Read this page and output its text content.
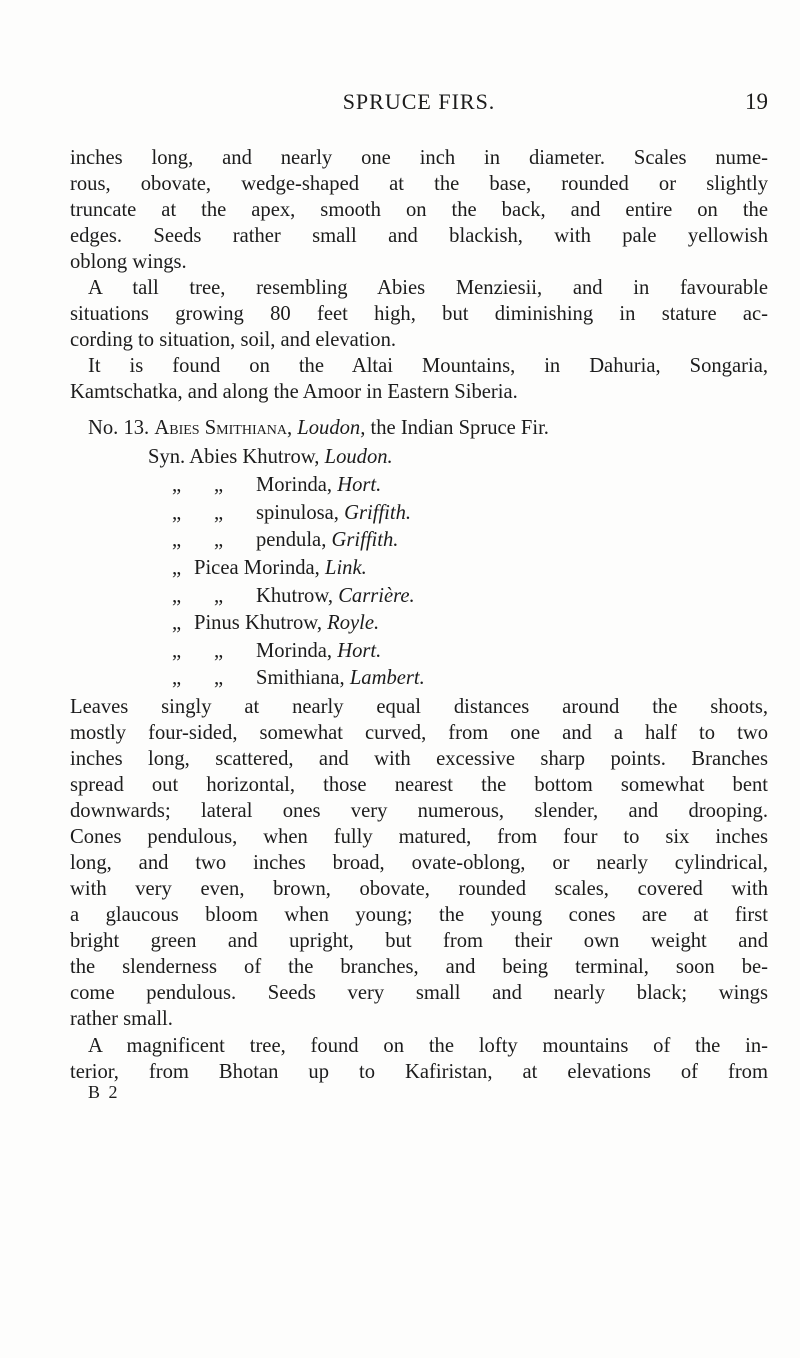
SPRUCE FIRS.	19
inches long, and nearly one inch in diameter. Scales nume-
rous, obovate, wedge-shaped at the base, rounded or slightly
truncate at the apex, smooth on the back, and entire on the
edges. Seeds rather small and blackish, with pale yellowish
oblong wings.
A tall tree, resembling Abies Menziesii, and in favourable
situations growing 80 feet high, but diminishing in stature ac-
cording to situation, soil, and elevation.
It is found on the Altai Mountains, in Dahuria, Songaria,
Kamtschatka, and along the Amoor in Eastern Siberia.
No. 13. Abies Smithiana, Loudon, the Indian Spruce Fir.
Syn. Abies Khutrow, Loudon.
„ „ Morinda, Hort.
„ „ spinulosa, Griffith.
„ „ pendula, Griffith.
„ Picea Morinda, Link.
„ „ Khutrow, Carrière.
„ Pinus Khutrow, Royle.
„ „ Morinda, Hort.
„ „ Smithiana, Lambert.
Leaves singly at nearly equal distances around the shoots,
mostly four-sided, somewhat curved, from one and a half to two
inches long, scattered, and with excessive sharp points. Branches
spread out horizontal, those nearest the bottom somewhat bent
downwards; lateral ones very numerous, slender, and drooping.
Cones pendulous, when fully matured, from four to six inches
long, and two inches broad, ovate-oblong, or nearly cylindrical,
with very even, brown, obovate, rounded scales, covered with
a glaucous bloom when young; the young cones are at first
bright green and upright, but from their own weight and
the slenderness of the branches, and being terminal, soon be-
come pendulous. Seeds very small and nearly black; wings
rather small.
A magnificent tree, found on the lofty mountains of the in-
terior, from Bhotan up to Kafiristan, at elevations of from
B 2
